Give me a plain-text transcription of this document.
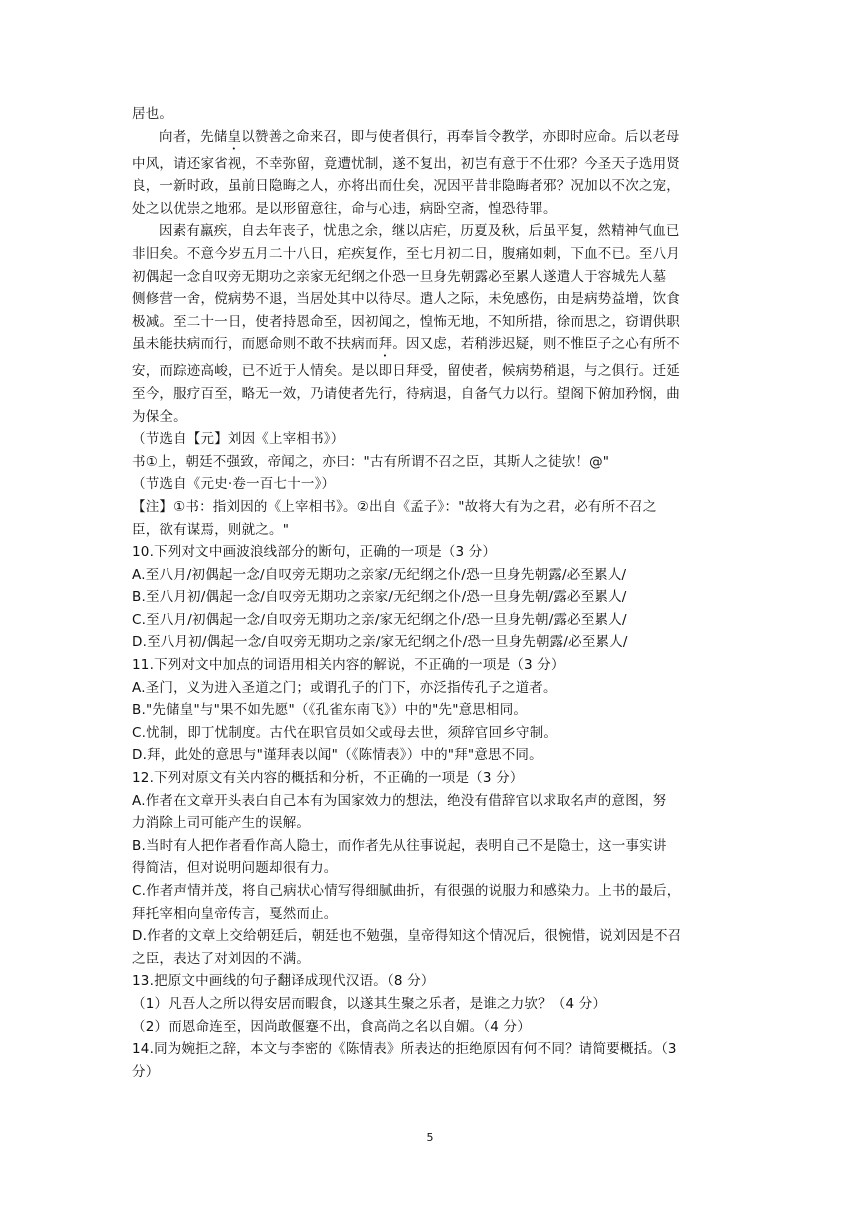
居也。
向者，先储皇以赞善之命来召，即与使者俱行，再奉旨令教学，亦即时应命。后以老母
中风，请还家省视，不幸弥留，竟遭忧制，遂不复出，初岂有意于不仕邪？今圣天子选用贤
良，一新时政，虽前日隐晦之人，亦将出而仕矣，况因平昔非隐晦者邪？况加以不次之宠，
处之以优崇之地邪。是以形留意往，命与心违，病卧空斋，惶恐待罪。
因素有羸疾，自去年丧子，忧患之余，继以店疟，历夏及秋，后虽平复，然精神气血已
非旧矣。不意今岁五月二十八日，疟疾复作，至七月初二日，腹痛如刺，下血不已。至八月
初偶起一念自叹旁无期功之亲家无纪纲之仆恐一旦身先朝露必至累人遂遣人于容城先人墓
侧修营一舍，傥病势不退，当居处其中以待尽。遣人之际，未免感伤，由是病势益增，饮食
极减。至二十一日，使者持恩命至，因初闻之，惶怖无地，不知所措，徐而思之，窃谓供职
虽未能扶病而行，而愿命则不敢不扶病而拜。因又虑，若稍涉迟疑，则不惟臣子之心有所不
安，而踪迹高峻，已不近于人情矣。是以即日拜受，留使者，候病势稍退，与之俱行。迁延
至今，服疗百至，略无一效，乃请使者先行，待病退，自备气力以行。望阁下俯加矜悯，曲
为保全。
（节选自【元】刘因《上宰相书》）
书①上，朝廷不强致，帝闻之，亦曰："古有所谓不召之臣，其斯人之徒欤！@"
（节选自《元史·卷一百七十一》）
【注】①书：指刘因的《上宰相书》。②出自《孟子》："故将大有为之君，必有所不召之
臣，欲有谋焉，则就之。"
10.下列对文中画波浪线部分的断句，正确的一项是（3 分）
A.至八月/初偶起一念/自叹旁无期功之亲家/无纪纲之仆/恐一旦身先朝露/必至累人/
B.至八月初/偶起一念/自叹旁无期功之亲家/无纪纲之仆/恐一旦身先朝/露必至累人/
C.至八月/初偶起一念/自叹旁无期功之亲/家无纪纲之仆/恐一旦身先朝/露必至累人/
D.至八月初/偶起一念/自叹旁无期功之亲/家无纪纲之仆/恐一旦身先朝露/必至累人/
11.下列对文中加点的词语用相关内容的解说，不正确的一项是（3 分）
A.圣门，义为进入圣道之门；或谓孔子的门下，亦泛指传孔子之道者。
B."先储皇"与"果不如先愿"（《孔雀东南飞》）中的"先"意思相同。
C.忧制，即丁忧制度。古代在职官员如父或母去世，须辞官回乡守制。
D.拜，此处的意思与"谨拜表以闻"（《陈情表》）中的"拜"意思不同。
12.下列对原文有关内容的概括和分析，不正确的一项是（3 分）
A.作者在文章开头表白自己本有为国家效力的想法，绝没有借辞官以求取名声的意图，努
力消除上司可能产生的误解。
B.当时有人把作者看作高人隐士，而作者先从往事说起，表明自己不是隐士，这一事实讲
得简洁，但对说明问题却很有力。
C.作者声情并茂，将自己病状心情写得细腻曲折，有很强的说服力和感染力。上书的最后，
拜托宰相向皇帝传言，戛然而止。
D.作者的文章上交给朝廷后，朝廷也不勉强，皇帝得知这个情况后，很惋惜，说刘因是不召
之臣，表达了对刘因的不满。
13.把原文中画线的句子翻译成现代汉语。（8 分）
（1）凡吾人之所以得安居而暇食，以遂其生聚之乐者，是谁之力欤？（4 分）
（2）而恩命连至，因尚敢偃蹇不出，食高尚之名以自媚。（4 分）
14.同为婉拒之辞，本文与李密的《陈情表》所表达的拒绝原因有何不同？请简要概括。（3
分）
5
